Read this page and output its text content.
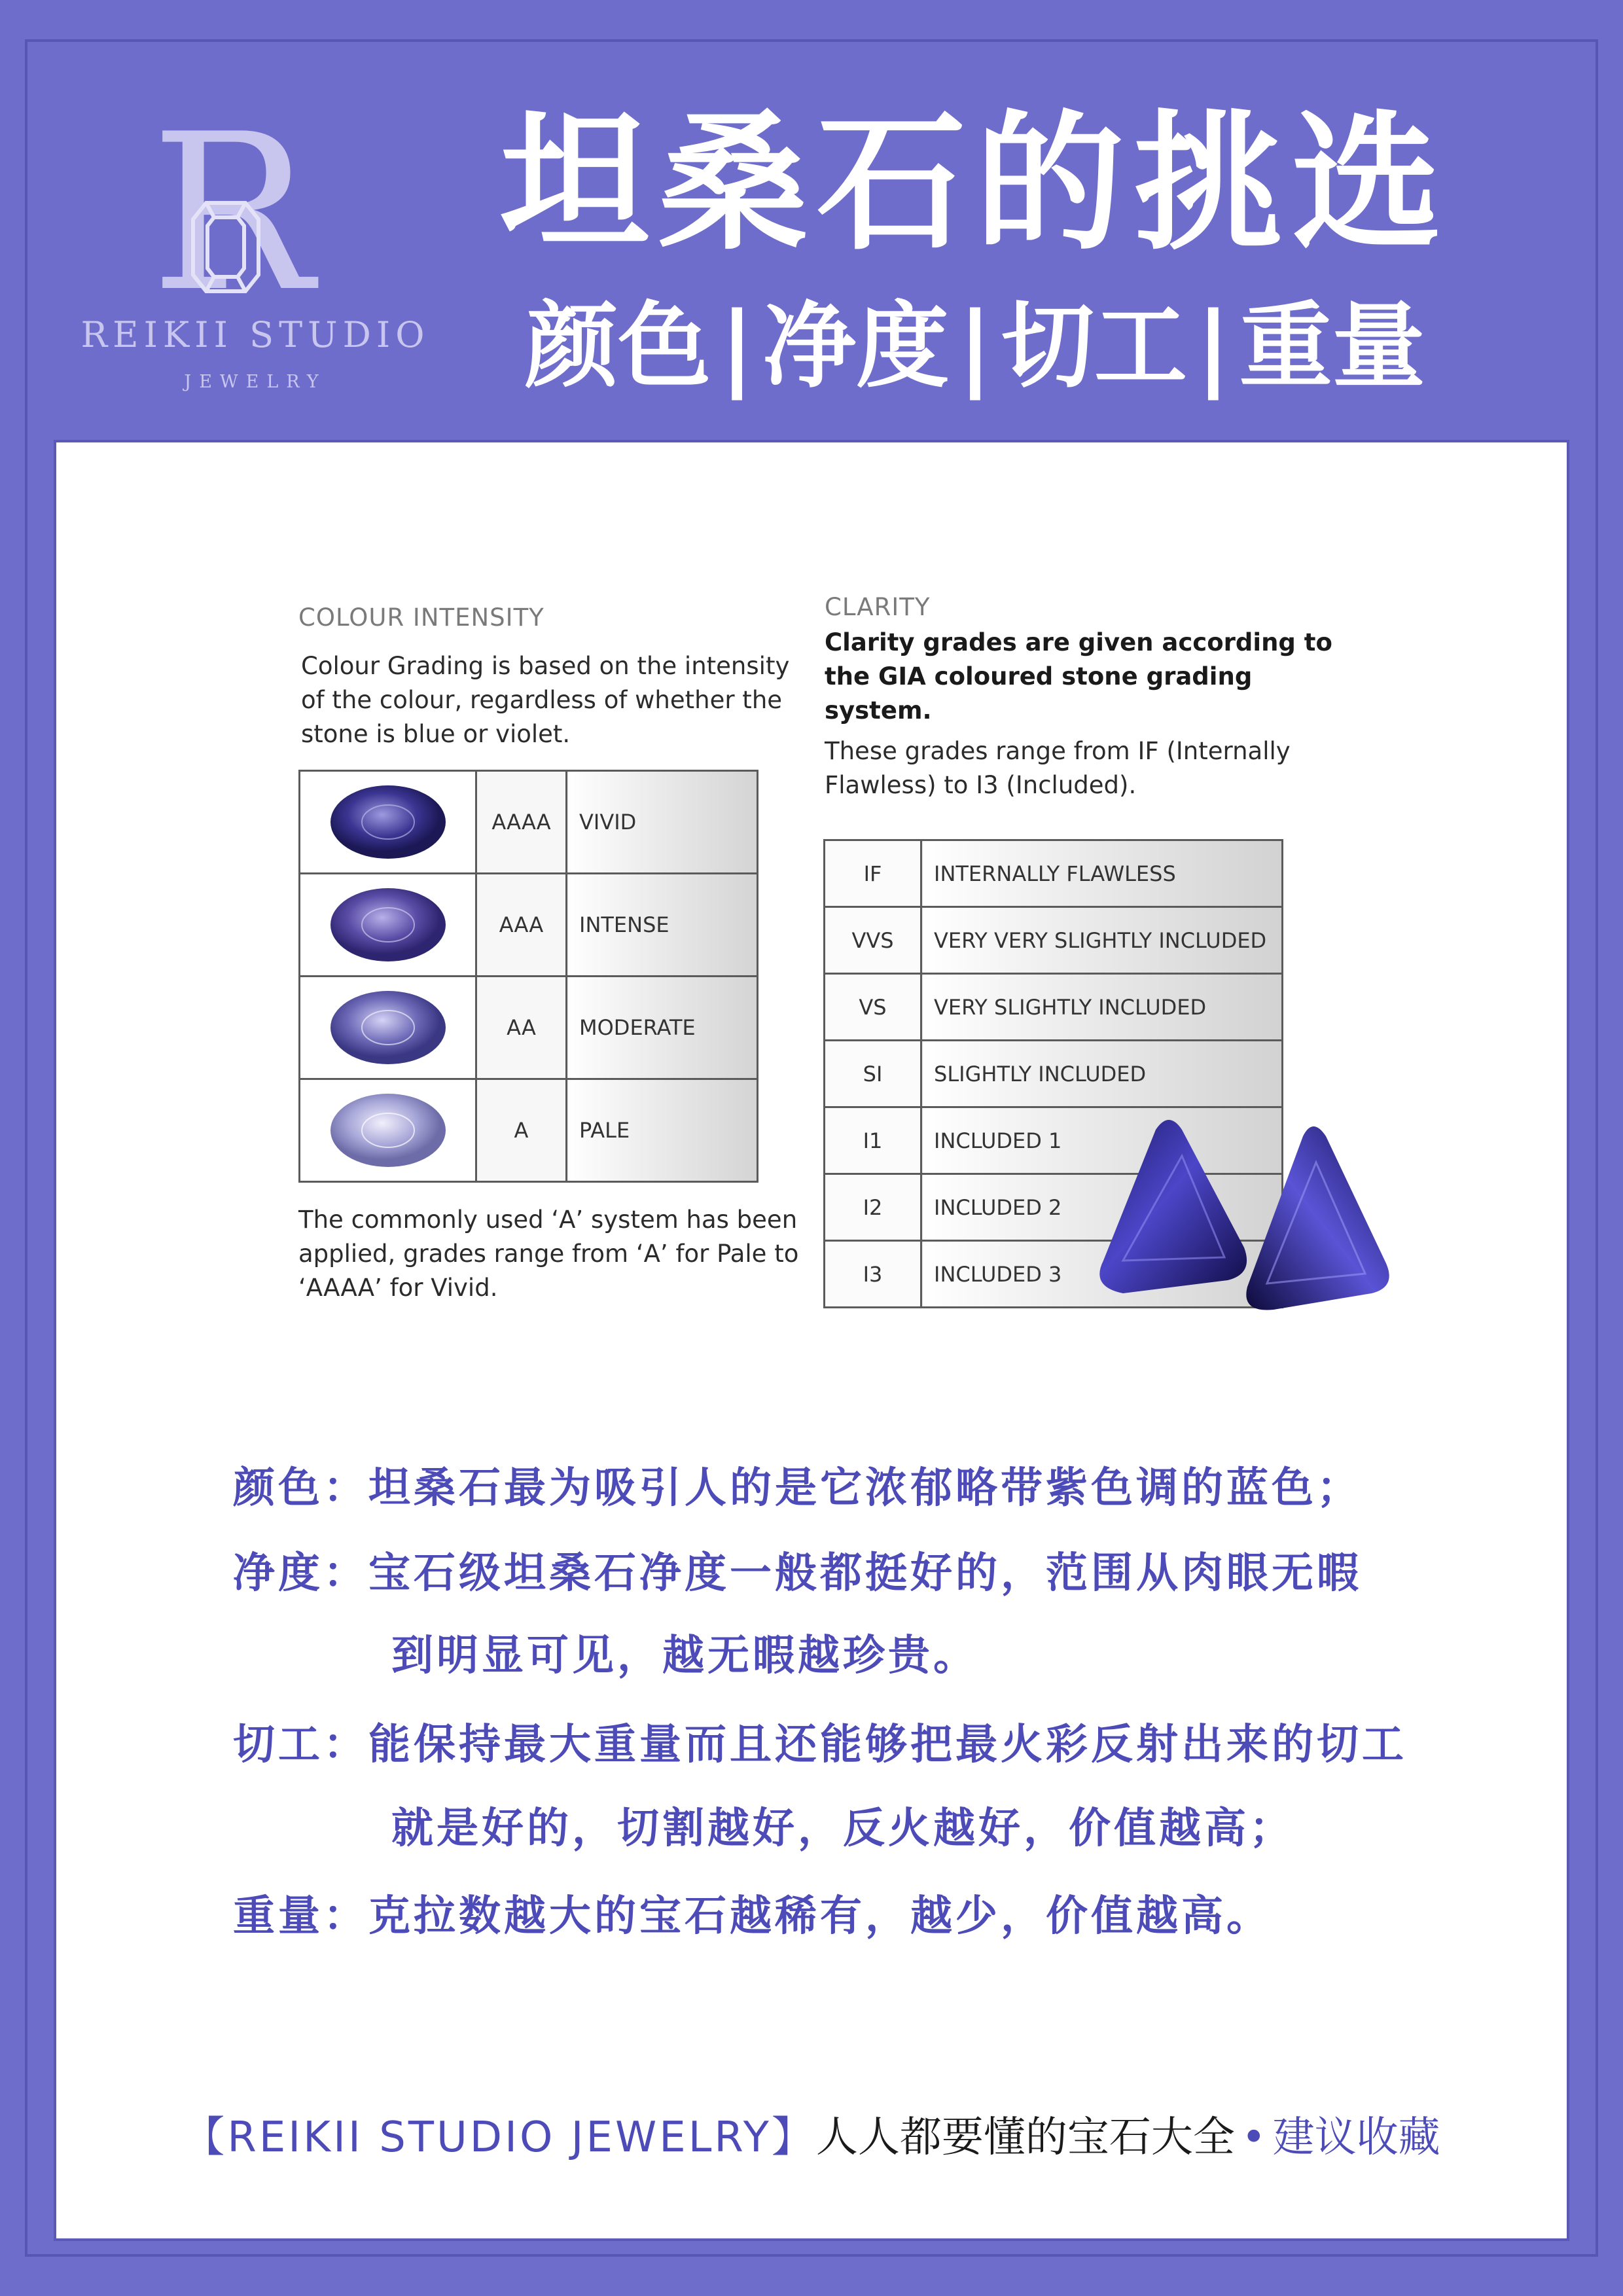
R
REIKII STUDIO
JEWELRY
坦桑石的挑选
颜色|净度|切工|重量
COLOUR INTENSITY
Colour Grading is based on the intensity
of the colour, regardless of whether the
stone is blue or violet.
	AAAA	VIVID
	AAA	INTENSE
	AA	MODERATE
	A	PALE
The commonly used ‘A’ system has been
applied, grades range from ‘A’ for Pale to
‘AAAA’ for Vivid.
CLARITY
Clarity grades are given according to
the GIA coloured stone grading
system.
These grades range from IF (Internally
Flawless) to I3 (Included).
IF	INTERNALLY FLAWLESS
VVS	VERY VERY SLIGHTLY INCLUDED
VS	VERY SLIGHTLY INCLUDED
SI	SLIGHTLY INCLUDED
I1	INCLUDED 1
I2	INCLUDED 2
I3	INCLUDED 3
颜色：坦桑石最为吸引人的是它浓郁略带紫色调的蓝色；
净度：宝石级坦桑石净度一般都挺好的，范围从肉眼无暇
到明显可见，越无暇越珍贵。
切工：能保持最大重量而且还能够把最火彩反射出来的切工
就是好的，切割越好，反火越好，价值越高；
重量：克拉数越大的宝石越稀有，越少，价值越高。
【REIKII STUDIO JEWELRY】人人都要懂的宝石大全 • 建议收藏
